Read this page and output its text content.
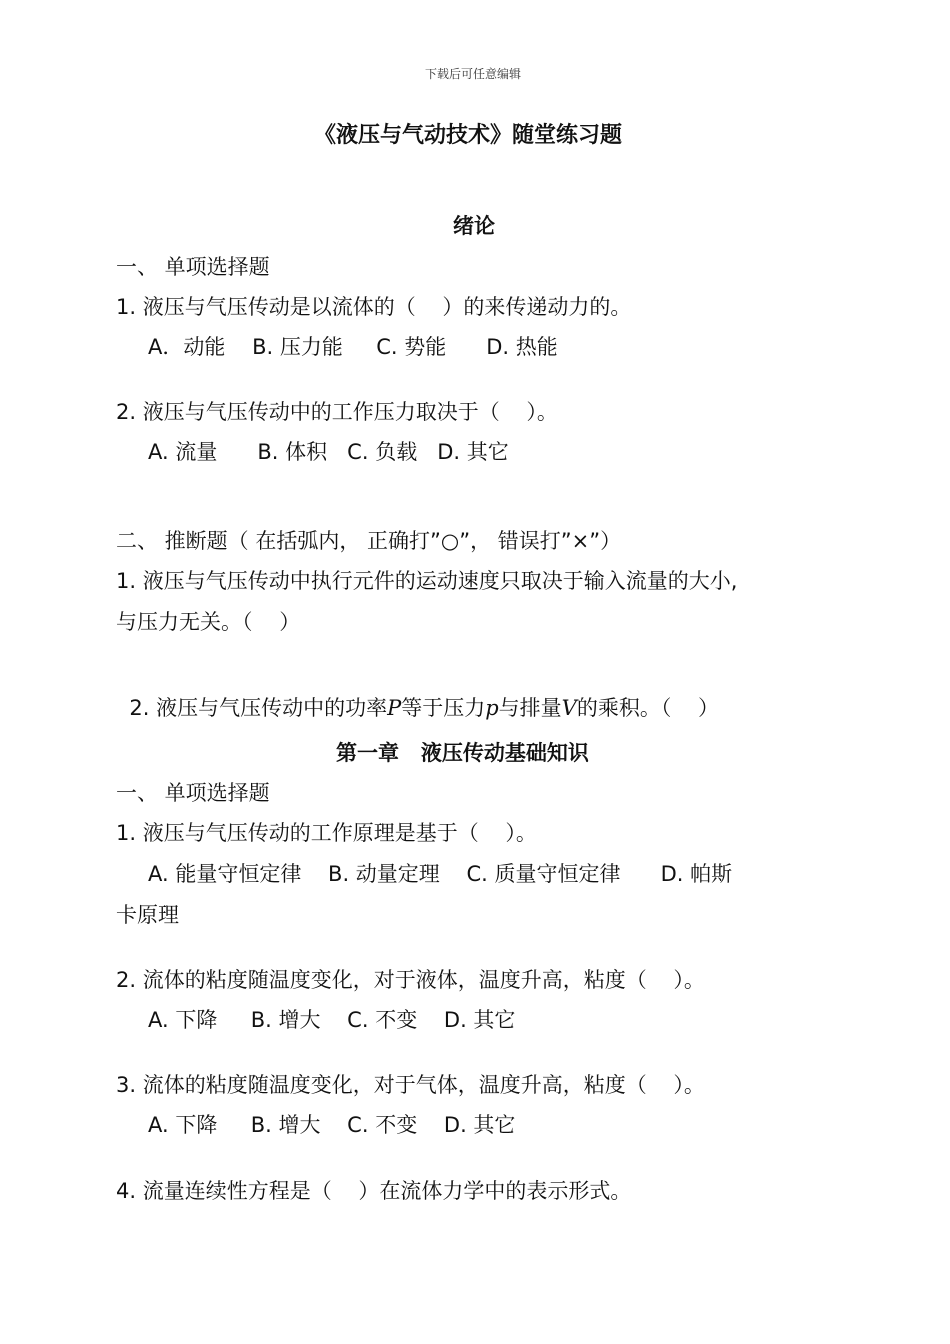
下载后可任意编辑
《液压与气动技术》随堂练习题
绪论
一、 单项选择题
1. 液压与气压传动是以流体的（    ）的来传递动力的。
A．动能    B. 压力能     C. 势能      D. 热能
2. 液压与气压传动中的工作压力取决于（    ）。
A. 流量      B. 体积   C. 负载   D. 其它
二、 推断题（ 在括弧内， 正确打”○”， 错误打”×”）
1. 液压与气压传动中执行元件的运动速度只取决于输入流量的大小,
与压力无关。（    ）

2. 液压与气压传动中的功率P等于压力p与排量V的乘积。（    ）

第一章   液压传动基础知识
一、 单项选择题
1. 液压与气压传动的工作原理是基于（    ）。
A. 能量守恒定律    B. 动量定理    C. 质量守恒定律      D. 帕斯
卡原理
2. 流体的粘度随温度变化，对于液体，温度升高，粘度（    ）。
A. 下降     B. 增大    C. 不变    D. 其它
3. 流体的粘度随温度变化，对于气体，温度升高，粘度（    ）。
A. 下降     B. 增大    C. 不变    D. 其它
4. 流量连续性方程是（    ）在流体力学中的表示形式。
